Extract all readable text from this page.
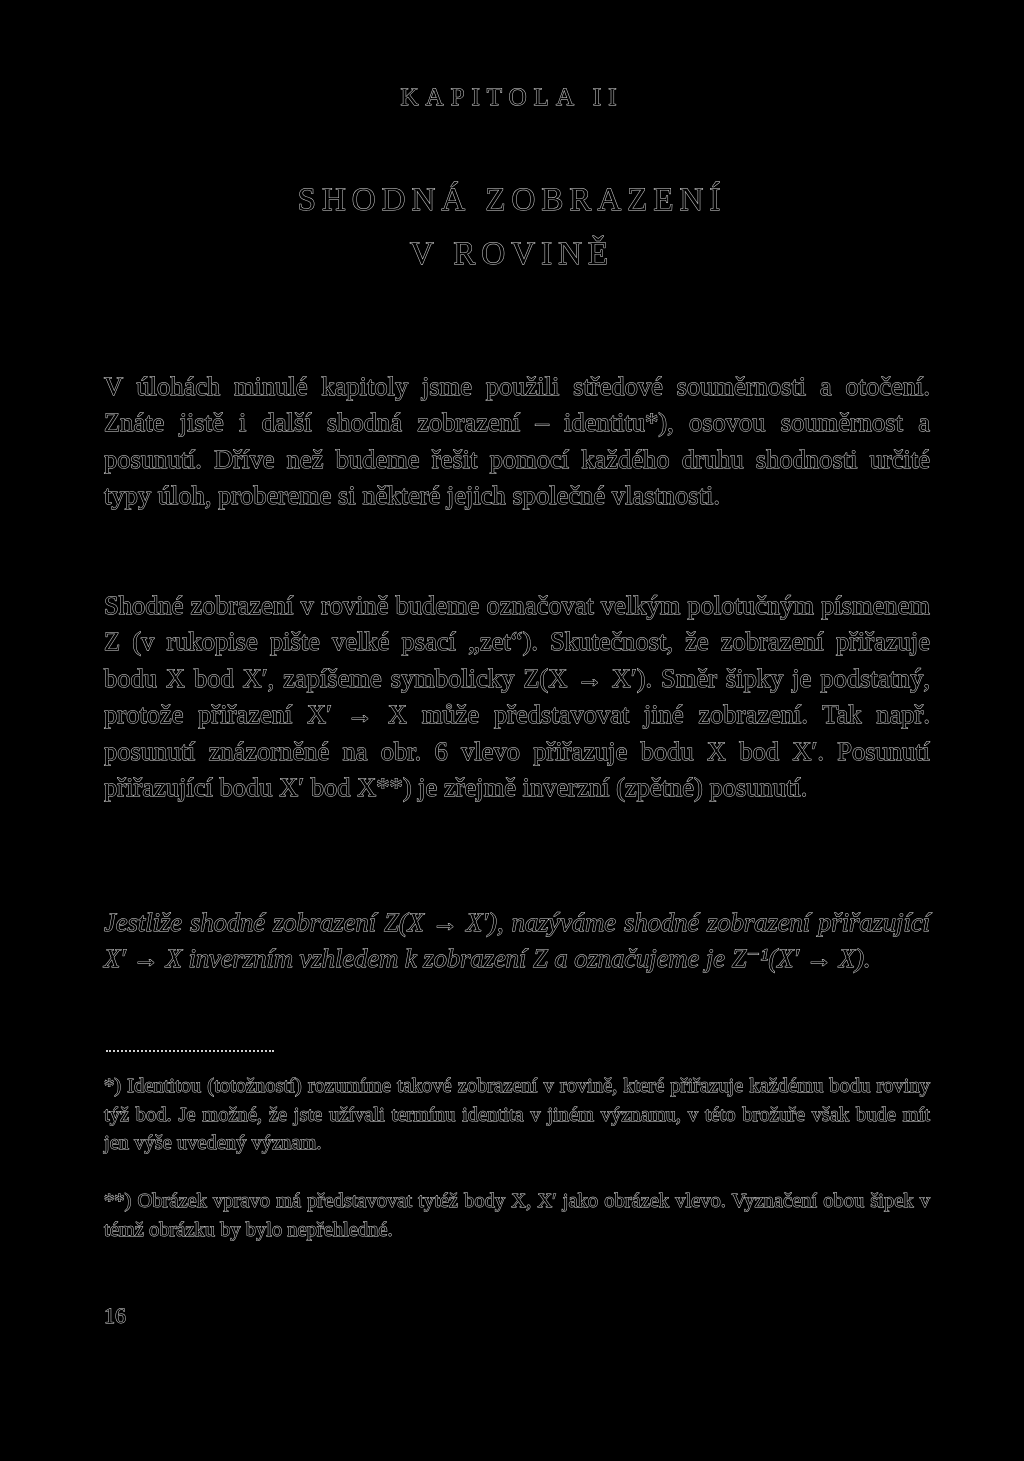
KAPITOLA II
SHODNÁ ZOBRAZENÍ
V ROVINĚ

V úlohách minulé kapitoly jsme použili středové souměrnosti a otočení. Znáte jistě i další shodná zobrazení – identitu*), osovou souměrnost a posunutí. Dříve než budeme řešit pomocí každého druhu shodnosti určité typy úloh, probereme si některé jejich společné vlastnosti.

Shodné zobrazení v rovině budeme označovat velkým polotučným písmenem Z (v rukopise pište velké psací „zet“). Skutečnost, že zobrazení přiřazuje bodu X bod X′, zapíšeme symbolicky Z(X → X′). Směr šipky je podstatný, protože přiřazení X′ → X může představovat jiné zobrazení. Tak např. posunutí znázorněné na obr. 6 vlevo přiřazuje bodu X bod X′. Posunutí přiřazující bodu X′ bod X**) je zřejmě inverzní (zpětné) posunutí.

Jestliže shodné zobrazení Z(X → X′), nazýváme shodné zobrazení přiřazující X′ → X inverzním vzhledem k zobrazení Z a označujeme je Z⁻¹(X′ → X).

*) Identitou (totožností) rozumíme takové zobrazení v rovině, které přiřazuje každému bodu roviny týž bod. Je možné, že jste užívali termínu identita v jiném významu, v této brožuře však bude mít jen výše uvedený význam.

**) Obrázek vpravo má představovat tytéž body X, X′ jako obrázek vlevo. Vyznačení obou šipek v témž obrázku by bylo nepřehledné.

16
